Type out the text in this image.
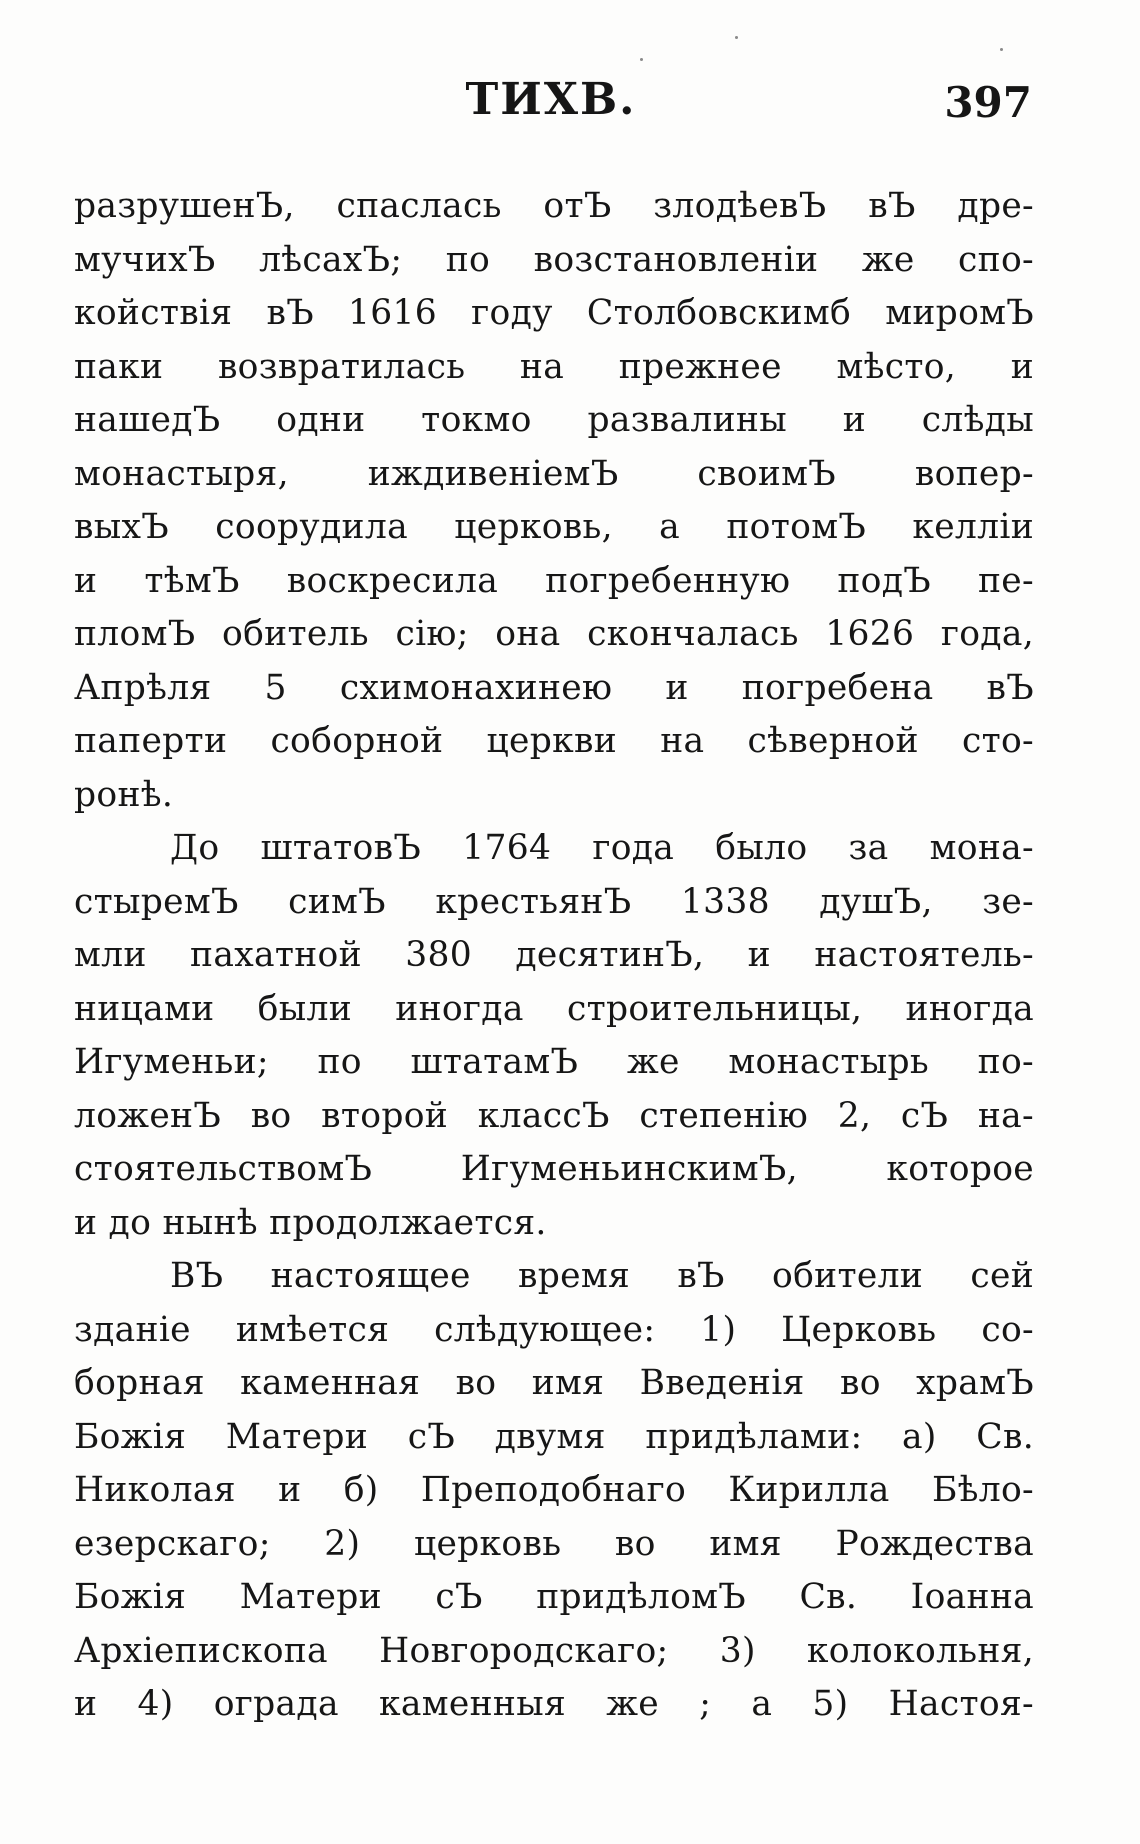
ТИХВ.	397
разрушенЪ, спаслась отЪ злодѣевЪ вЪ дре-
мучихЪ лѣсахЪ; по возстановленіи же спо-
койствія вЪ 1616 году Столбовскимб миромЪ
паки возвратилась на прежнее мѣсто, и
нашедЪ одни токмо развалины и слѣды
монастыря, иждивеніемЪ своимЪ вопер-
выхЪ соорудила церковь, а потомЪ келліи
и тѣмЪ воскресила погребенную подЪ пе-
пломЪ обитель сію; она скончалась 1626 года,
Апрѣля 5 схимонахинею и погребена вЪ
паперти соборной церкви на сѣверной сто-
ронѣ.
До штатовЪ 1764 года было за мона-
стыремЪ симЪ крестьянЪ 1338 душЪ, зе-
мли пахатной 380 десятинЪ, и настоятель-
ницами были иногда строительницы, иногда
Игуменьи; по штатамЪ же монастырь по-
ложенЪ во второй классЪ степенію 2, сЪ на-
стоятельствомЪ ИгуменьинскимЪ, которое
и до нынѣ продолжается.
ВЪ настоящее время вЪ обители сей
зданіе имѣется слѣдующее: 1) Церковь со-
борная каменная во имя Введенія во храмЪ
Божія Матери сЪ двумя придѣлами: а) Св.
Николая и б) Преподобнаго Кирилла Бѣло-
езерскаго; 2) церковь во имя Рождества
Божія Матери сЪ придѣломЪ Св. Іоанна
Архіепископа Новгородскаго; 3) колокольня,
и 4) ограда каменныя же ; а 5) Настоя-
